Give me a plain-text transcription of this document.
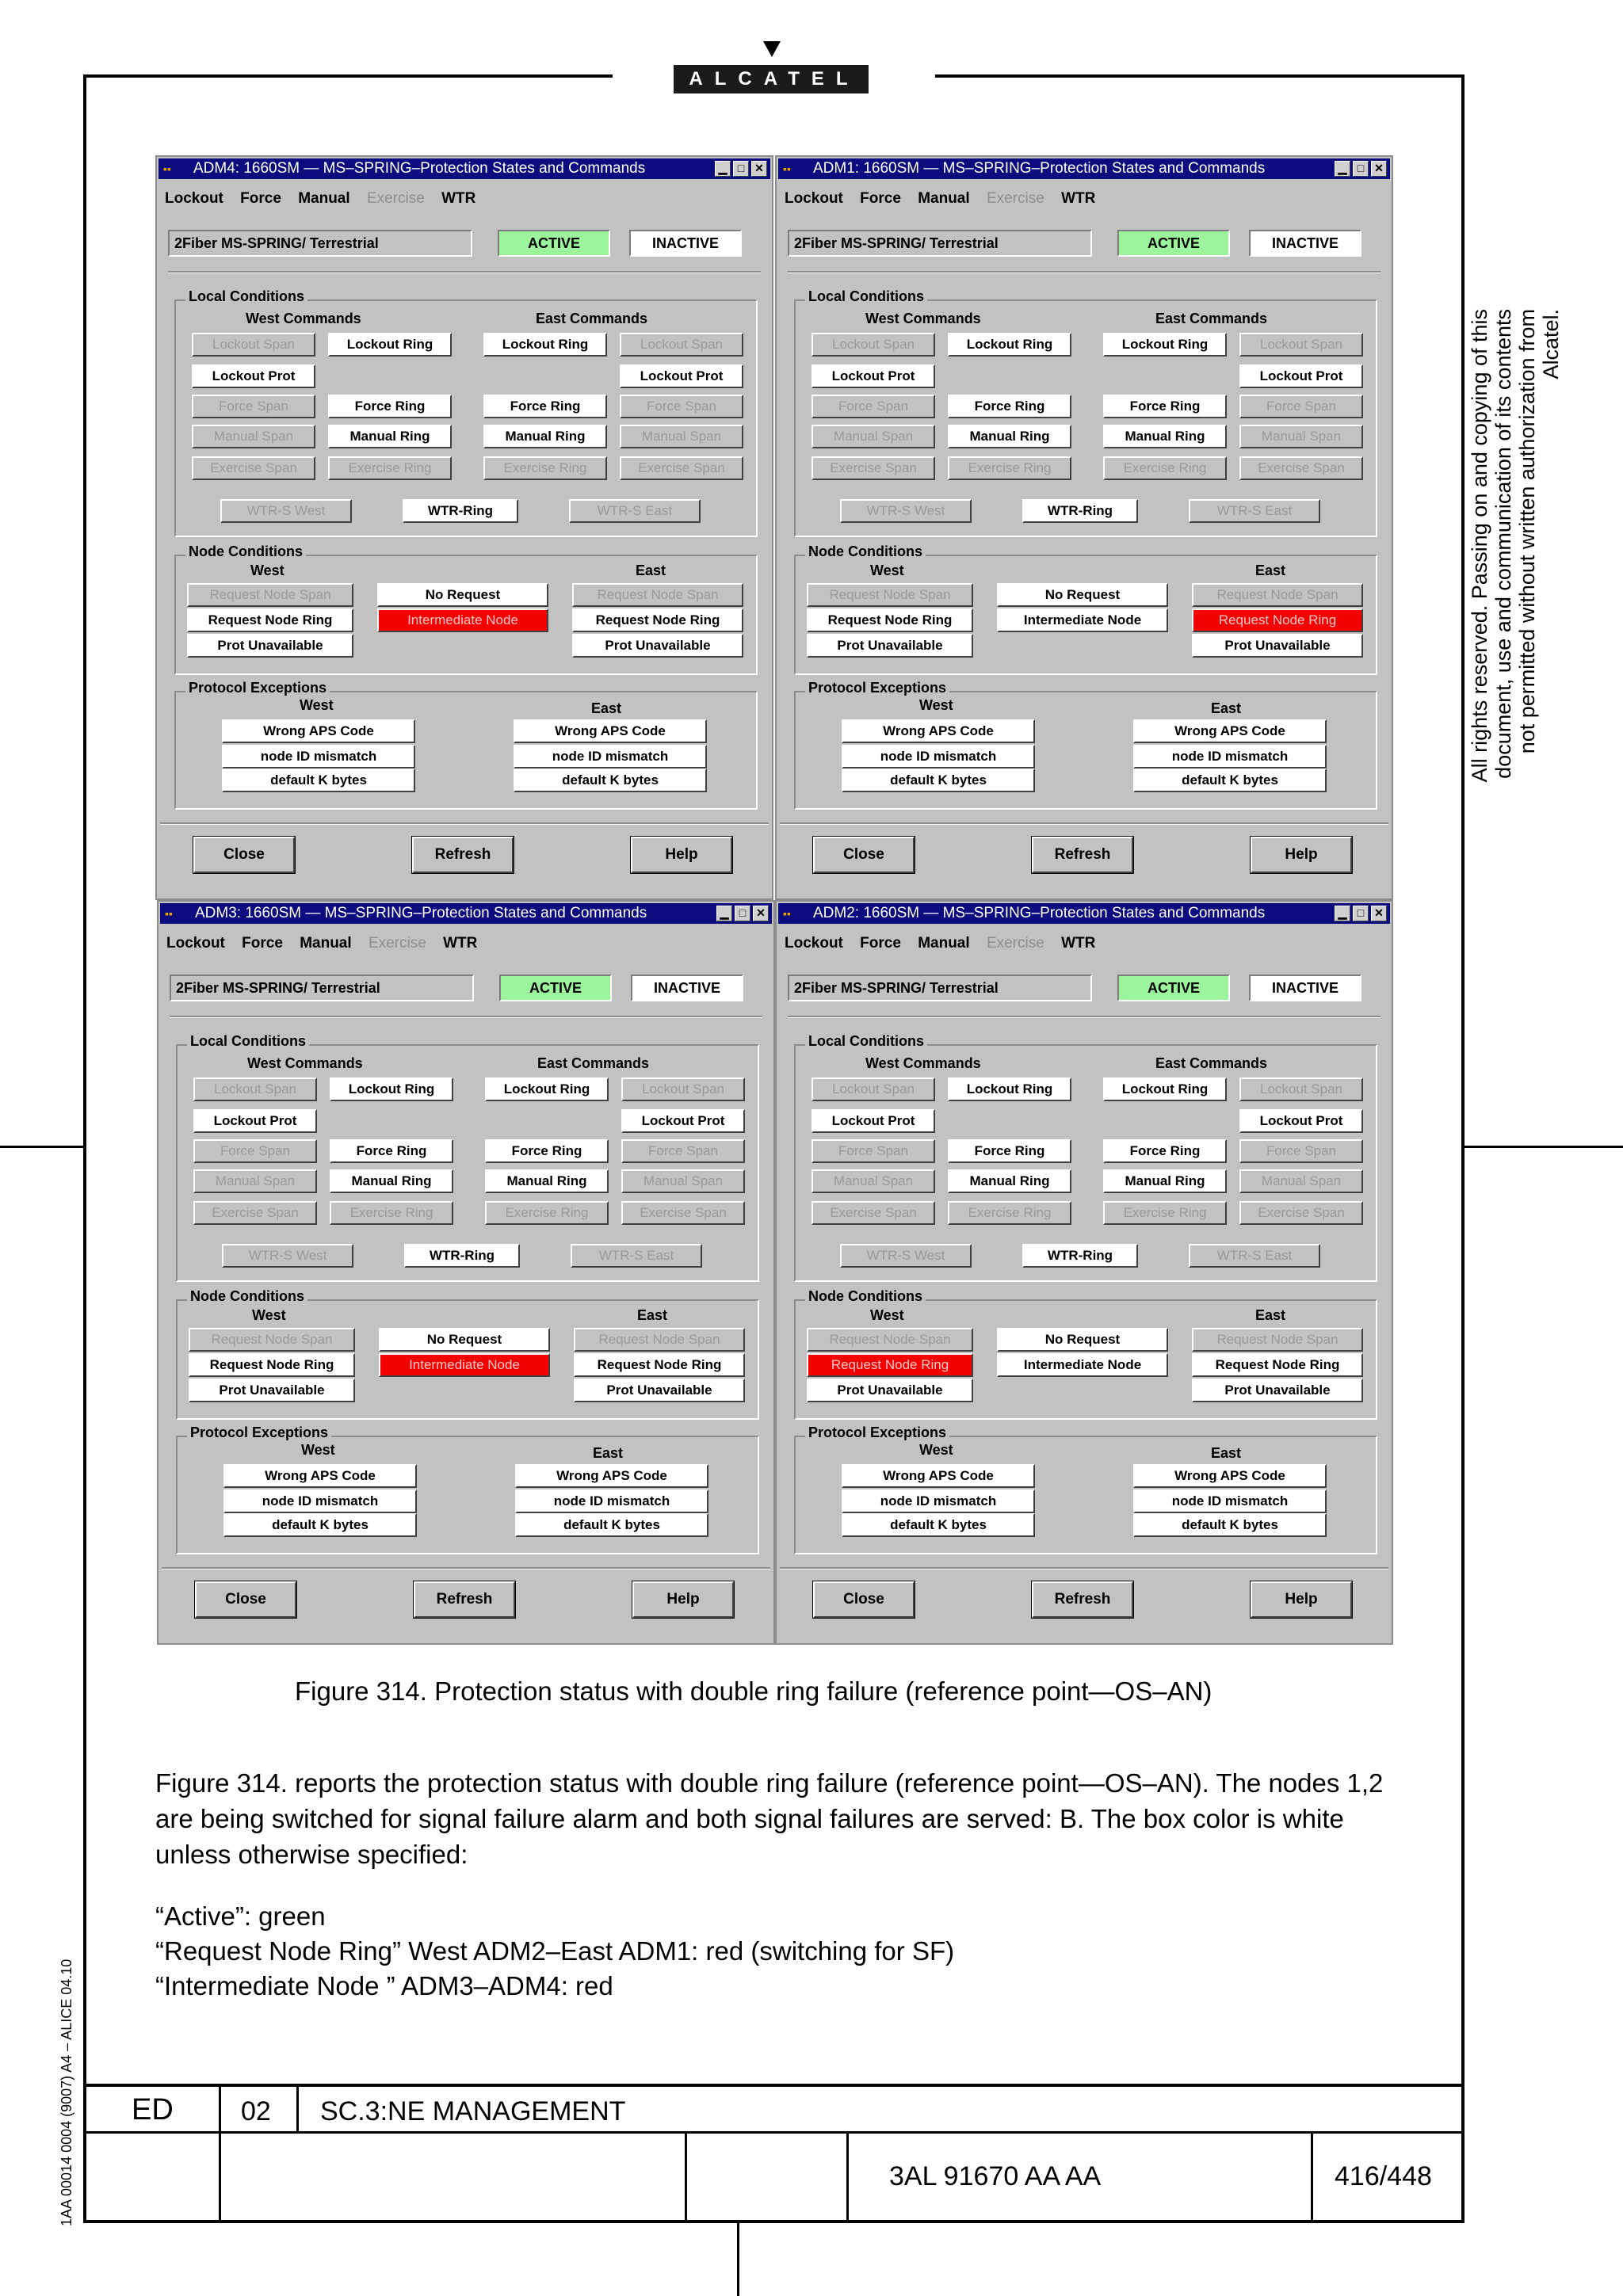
ALCATEL
All rights reserved. Passing on and copying of this document, use and communication of its contents not permitted without written authorization from Alcatel.
1AA 00014 0004 (9007) A4 – ALICE 04.10
▪▪	ADM4: 1660SM — MS–SPRING–Protection States and Commands	▁ □ ✕
Lockout Force Manual Exercise WTR
2Fiber MS-SPRING/ Terrestrial	ACTIVE	INACTIVE
Local Conditions
West Commands	East Commands
Lockout Span	Lockout Ring	Lockout Ring	Lockout Span
Lockout Prot	Lockout Prot
Force Span	Force Ring	Force Ring	Force Span
Manual Span	Manual Ring	Manual Ring	Manual Span
Exercise Span	Exercise Ring	Exercise Ring	Exercise Span
WTR-S West	WTR-Ring	WTR-S East
Node Conditions
West	East
Request Node Span	No Request	Request Node Span
Request Node Ring	Intermediate Node	Request Node Ring
Prot Unavailable	Prot Unavailable
Protocol Exceptions
West	East
Wrong APS Code	Wrong APS Code
node ID mismatch	node ID mismatch
default K bytes	default K bytes
Close	Refresh	Help
▪▪	ADM1: 1660SM — MS–SPRING–Protection States and Commands	▁ □ ✕
Lockout Force Manual Exercise WTR
2Fiber MS-SPRING/ Terrestrial	ACTIVE	INACTIVE
Local Conditions
West Commands	East Commands
Lockout Span	Lockout Ring	Lockout Ring	Lockout Span
Lockout Prot	Lockout Prot
Force Span	Force Ring	Force Ring	Force Span
Manual Span	Manual Ring	Manual Ring	Manual Span
Exercise Span	Exercise Ring	Exercise Ring	Exercise Span
WTR-S West	WTR-Ring	WTR-S East
Node Conditions
West	East
Request Node Span	No Request	Request Node Span
Request Node Ring	Intermediate Node	Request Node Ring
Prot Unavailable	Prot Unavailable
Protocol Exceptions
West	East
Wrong APS Code	Wrong APS Code
node ID mismatch	node ID mismatch
default K bytes	default K bytes
Close	Refresh	Help
▪▪	ADM3: 1660SM — MS–SPRING–Protection States and Commands	▁ □ ✕
Lockout Force Manual Exercise WTR
2Fiber MS-SPRING/ Terrestrial	ACTIVE	INACTIVE
Local Conditions
West Commands	East Commands
Lockout Span	Lockout Ring	Lockout Ring	Lockout Span
Lockout Prot	Lockout Prot
Force Span	Force Ring	Force Ring	Force Span
Manual Span	Manual Ring	Manual Ring	Manual Span
Exercise Span	Exercise Ring	Exercise Ring	Exercise Span
WTR-S West	WTR-Ring	WTR-S East
Node Conditions
West	East
Request Node Span	No Request	Request Node Span
Request Node Ring	Intermediate Node	Request Node Ring
Prot Unavailable	Prot Unavailable
Protocol Exceptions
West	East
Wrong APS Code	Wrong APS Code
node ID mismatch	node ID mismatch
default K bytes	default K bytes
Close	Refresh	Help
▪▪	ADM2: 1660SM — MS–SPRING–Protection States and Commands	▁ □ ✕
Lockout Force Manual Exercise WTR
2Fiber MS-SPRING/ Terrestrial	ACTIVE	INACTIVE
Local Conditions
West Commands	East Commands
Lockout Span	Lockout Ring	Lockout Ring	Lockout Span
Lockout Prot	Lockout Prot
Force Span	Force Ring	Force Ring	Force Span
Manual Span	Manual Ring	Manual Ring	Manual Span
Exercise Span	Exercise Ring	Exercise Ring	Exercise Span
WTR-S West	WTR-Ring	WTR-S East
Node Conditions
West	East
Request Node Span	No Request	Request Node Span
Request Node Ring	Intermediate Node	Request Node Ring
Prot Unavailable	Prot Unavailable
Protocol Exceptions
West	East
Wrong APS Code	Wrong APS Code
node ID mismatch	node ID mismatch
default K bytes	default K bytes
Close	Refresh	Help
Figure 314. Protection status with double ring failure (reference point—OS–AN)
Figure 314. reports the protection status with double ring failure (reference point—OS–AN). The nodes 1,2 are being switched for signal failure alarm and both signal failures are served: B. The box color is white unless otherwise specified:
“Active”: green
“Request Node Ring” West ADM2–East ADM1: red (switching for SF)
“Intermediate Node ” ADM3–ADM4: red
ED	02 SC.3:NE MANAGEMENT
3AL 91670 AA AA	416/448
